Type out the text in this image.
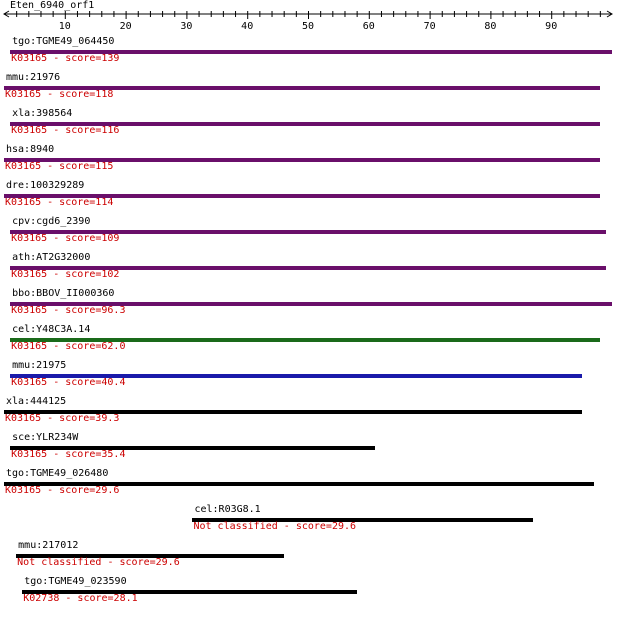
Eten_6940_orf1
10	20	30	40	50	60	70	80	90
tgo:TGME49_064450
K03165 - score=139
mmu:21976
K03165 - score=118
xla:398564
K03165 - score=116
hsa:8940
K03165 - score=115
dre:100329289
K03165 - score=114
cpv:cgd6_2390
K03165 - score=109
ath:AT2G32000
K03165 - score=102
bbo:BBOV_II000360
K03165 - score=96.3
cel:Y48C3A.14
K03165 - score=62.0
mmu:21975
K03165 - score=40.4
xla:444125
K03165 - score=39.3
sce:YLR234W
K03165 - score=35.4
tgo:TGME49_026480
K03165 - score=29.6
cel:R03G8.1
Not classified - score=29.6
mmu:217012
Not classified - score=29.6
tgo:TGME49_023590
K02738 - score=28.1
